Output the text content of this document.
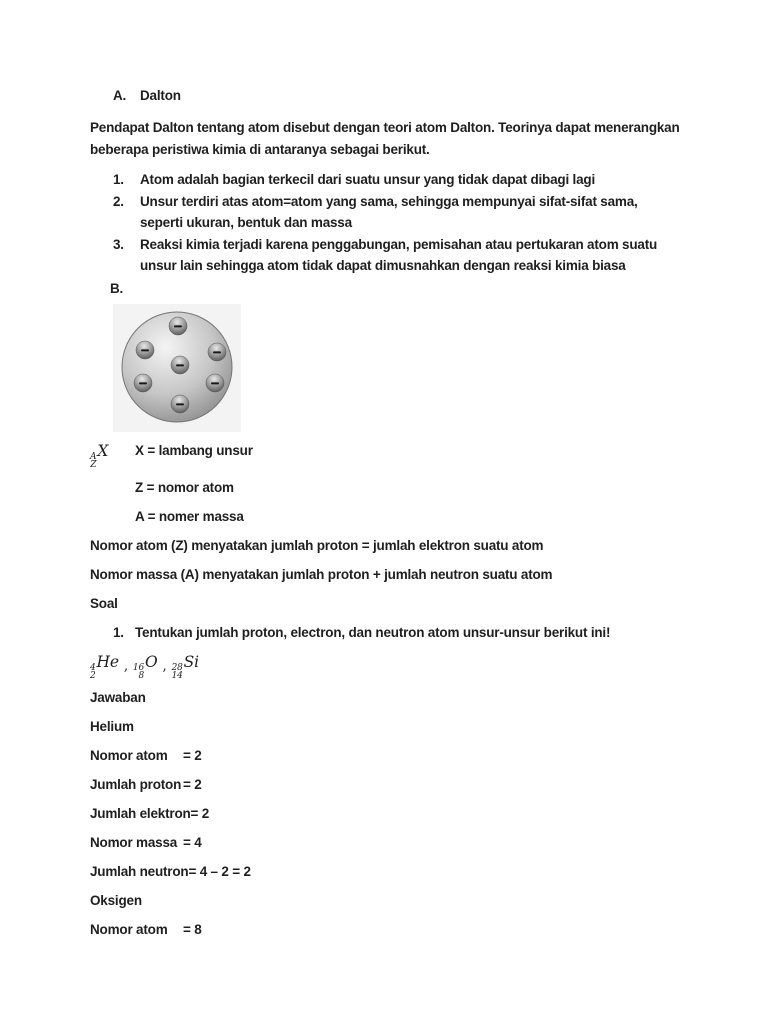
A.	Dalton

Pendapat Dalton tentang atom disebut dengan teori atom Dalton. Teorinya dapat menerangkan beberapa peristiwa kimia di antaranya sebagai berikut.

1.	Atom adalah bagian terkecil dari suatu unsur yang tidak dapat dibagi lagi
2.	Unsur terdiri atas atom=atom yang sama, sehingga mempunyai sifat-sifat sama, seperti ukuran, bentuk dan massa
3.	Reaksi kimia terjadi karena penggabungan, pemisahan atau pertukaran atom suatu unsur lain sehingga atom tidak dapat dimusnahkan dengan reaksi kimia biasa
B.
A
Z
X	X = lambang unsur
Z = nomor atom
A = nomer massa

Nomor atom (Z) menyatakan jumlah proton = jumlah elektron suatu atom

Nomor massa (A) menyatakan jumlah proton + jumlah neutron suatu atom

Soal

1. Tentukan jumlah proton, electron, dan neutron atom unsur-unsur berikut ini!
4
2
He , 16
8
O , 28
14
Si

Jawaban

Helium

Nomor atom	= 2
Jumlah proton = 2
Jumlah elektron = 2
Nomor massa = 4
Jumlah neutron = 4 – 2 = 2

Oksigen

Nomor atom	= 8
